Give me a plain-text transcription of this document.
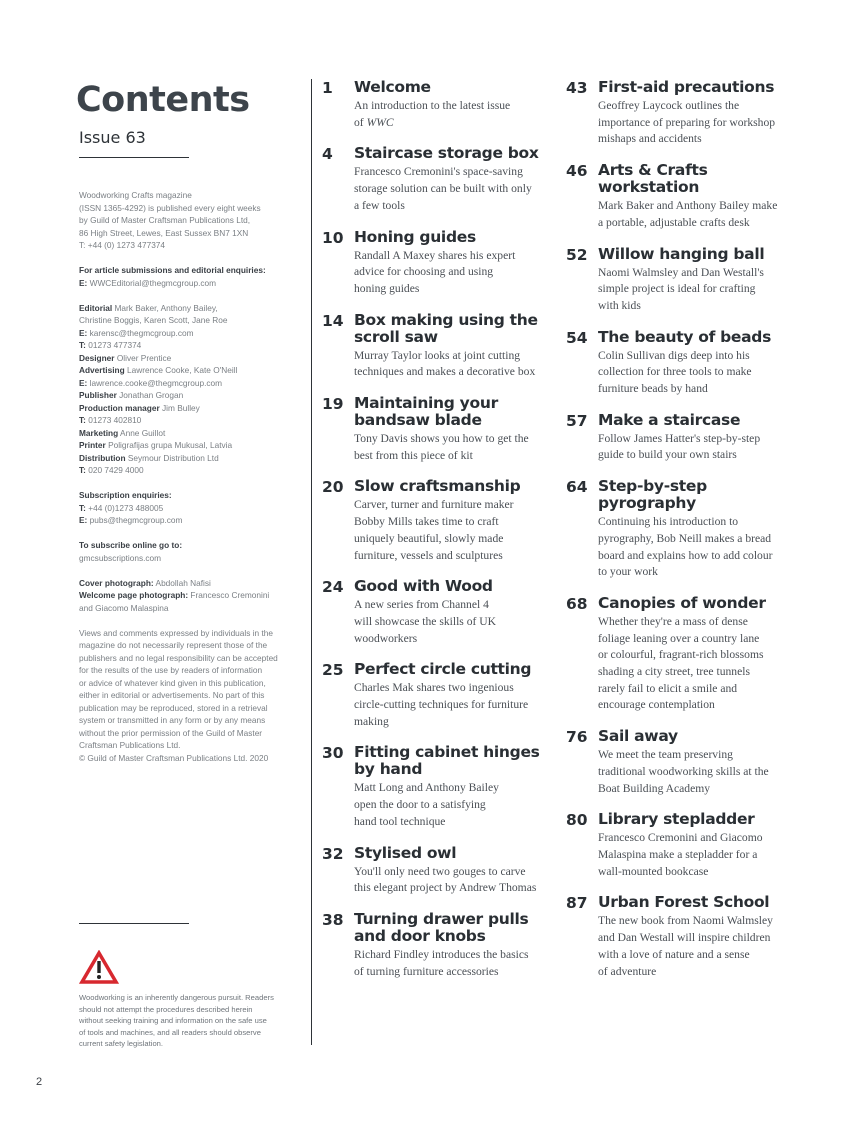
Contents
Issue 63
Woodworking Crafts magazine
(ISSN 1365-4292) is published every eight weeks
by Guild of Master Craftsman Publications Ltd,
86 High Street, Lewes, East Sussex BN7 1XN
T: +44 (0) 1273 477374
For article submissions and editorial enquiries:
E: WWCEditorial@thegmcgroup.com
Editorial Mark Baker, Anthony Bailey,
Christine Boggis, Karen Scott, Jane Roe
E: karensc@thegmcgroup.com
T: 01273 477374
Designer Oliver Prentice
Advertising Lawrence Cooke, Kate O'Neill
E: lawrence.cooke@thegmcgroup.com
Publisher Jonathan Grogan
Production manager Jim Bulley
T: 01273 402810
Marketing Anne Guillot
Printer Poligrafijas grupa Mukusal, Latvia
Distribution Seymour Distribution Ltd
T: 020 7429 4000
Subscription enquiries:
T: +44 (0)1273 488005
E: pubs@thegmcgroup.com
To subscribe online go to:
gmcsubscriptions.com
Cover photograph: Abdollah Nafisi
Welcome page photograph: Francesco Cremonini
and Giacomo Malaspina
Views and comments expressed by individuals in the
magazine do not necessarily represent those of the
publishers and no legal responsibility can be accepted
for the results of the use by readers of information
or advice of whatever kind given in this publication,
either in editorial or advertisements. No part of this
publication may be reproduced, stored in a retrieval
system or transmitted in any form or by any means
without the prior permission of the Guild of Master
Craftsman Publications Ltd.
© Guild of Master Craftsman Publications Ltd. 2020
1	Welcome
An introduction to the latest issue
of WWC
4	Staircase storage box
Francesco Cremonini's space-saving
storage solution can be built with only
a few tools
10 Honing guides
Randall A Maxey shares his expert
advice for choosing and using
honing guides
14 Box making using the
scroll saw
Murray Taylor looks at joint cutting
techniques and makes a decorative box
19 Maintaining your
bandsaw blade
Tony Davis shows you how to get the
best from this piece of kit
20 Slow craftsmanship
Carver, turner and furniture maker
Bobby Mills takes time to craft
uniquely beautiful, slowly made
furniture, vessels and sculptures
24 Good with Wood
A new series from Channel 4
will showcase the skills of UK
woodworkers
25 Perfect circle cutting
Charles Mak shares two ingenious
circle-cutting techniques for furniture
making
30 Fitting cabinet hinges
by hand
Matt Long and Anthony Bailey
open the door to a satisfying
hand tool technique
32 Stylised owl
You'll only need two gouges to carve
this elegant project by Andrew Thomas
38 Turning drawer pulls
and door knobs
Richard Findley introduces the basics
of turning furniture accessories
43 First-aid precautions
Geoffrey Laycock outlines the
importance of preparing for workshop
mishaps and accidents
46 Arts & Crafts
workstation
Mark Baker and Anthony Bailey make
a portable, adjustable crafts desk
52 Willow hanging ball
Naomi Walmsley and Dan Westall's
simple project is ideal for crafting
with kids
54 The beauty of beads
Colin Sullivan digs deep into his
collection for three tools to make
furniture beads by hand
57 Make a staircase
Follow James Hatter's step-by-step
guide to build your own stairs
64 Step-by-step
pyrography
Continuing his introduction to
pyrography, Bob Neill makes a bread
board and explains how to add colour
to your work
68 Canopies of wonder
Whether they're a mass of dense
foliage leaning over a country lane
or colourful, fragrant-rich blossoms
shading a city street, tree tunnels
rarely fail to elicit a smile and
encourage contemplation
76 Sail away
We meet the team preserving
traditional woodworking skills at the
Boat Building Academy
80 Library stepladder
Francesco Cremonini and Giacomo
Malaspina make a stepladder for a
wall-mounted bookcase
87 Urban Forest School
The new book from Naomi Walmsley
and Dan Westall will inspire children
with a love of nature and a sense
of adventure
Woodworking is an inherently dangerous pursuit. Readers
should not attempt the procedures described herein
without seeking training and information on the safe use
of tools and machines, and all readers should observe
current safety legislation.
2
